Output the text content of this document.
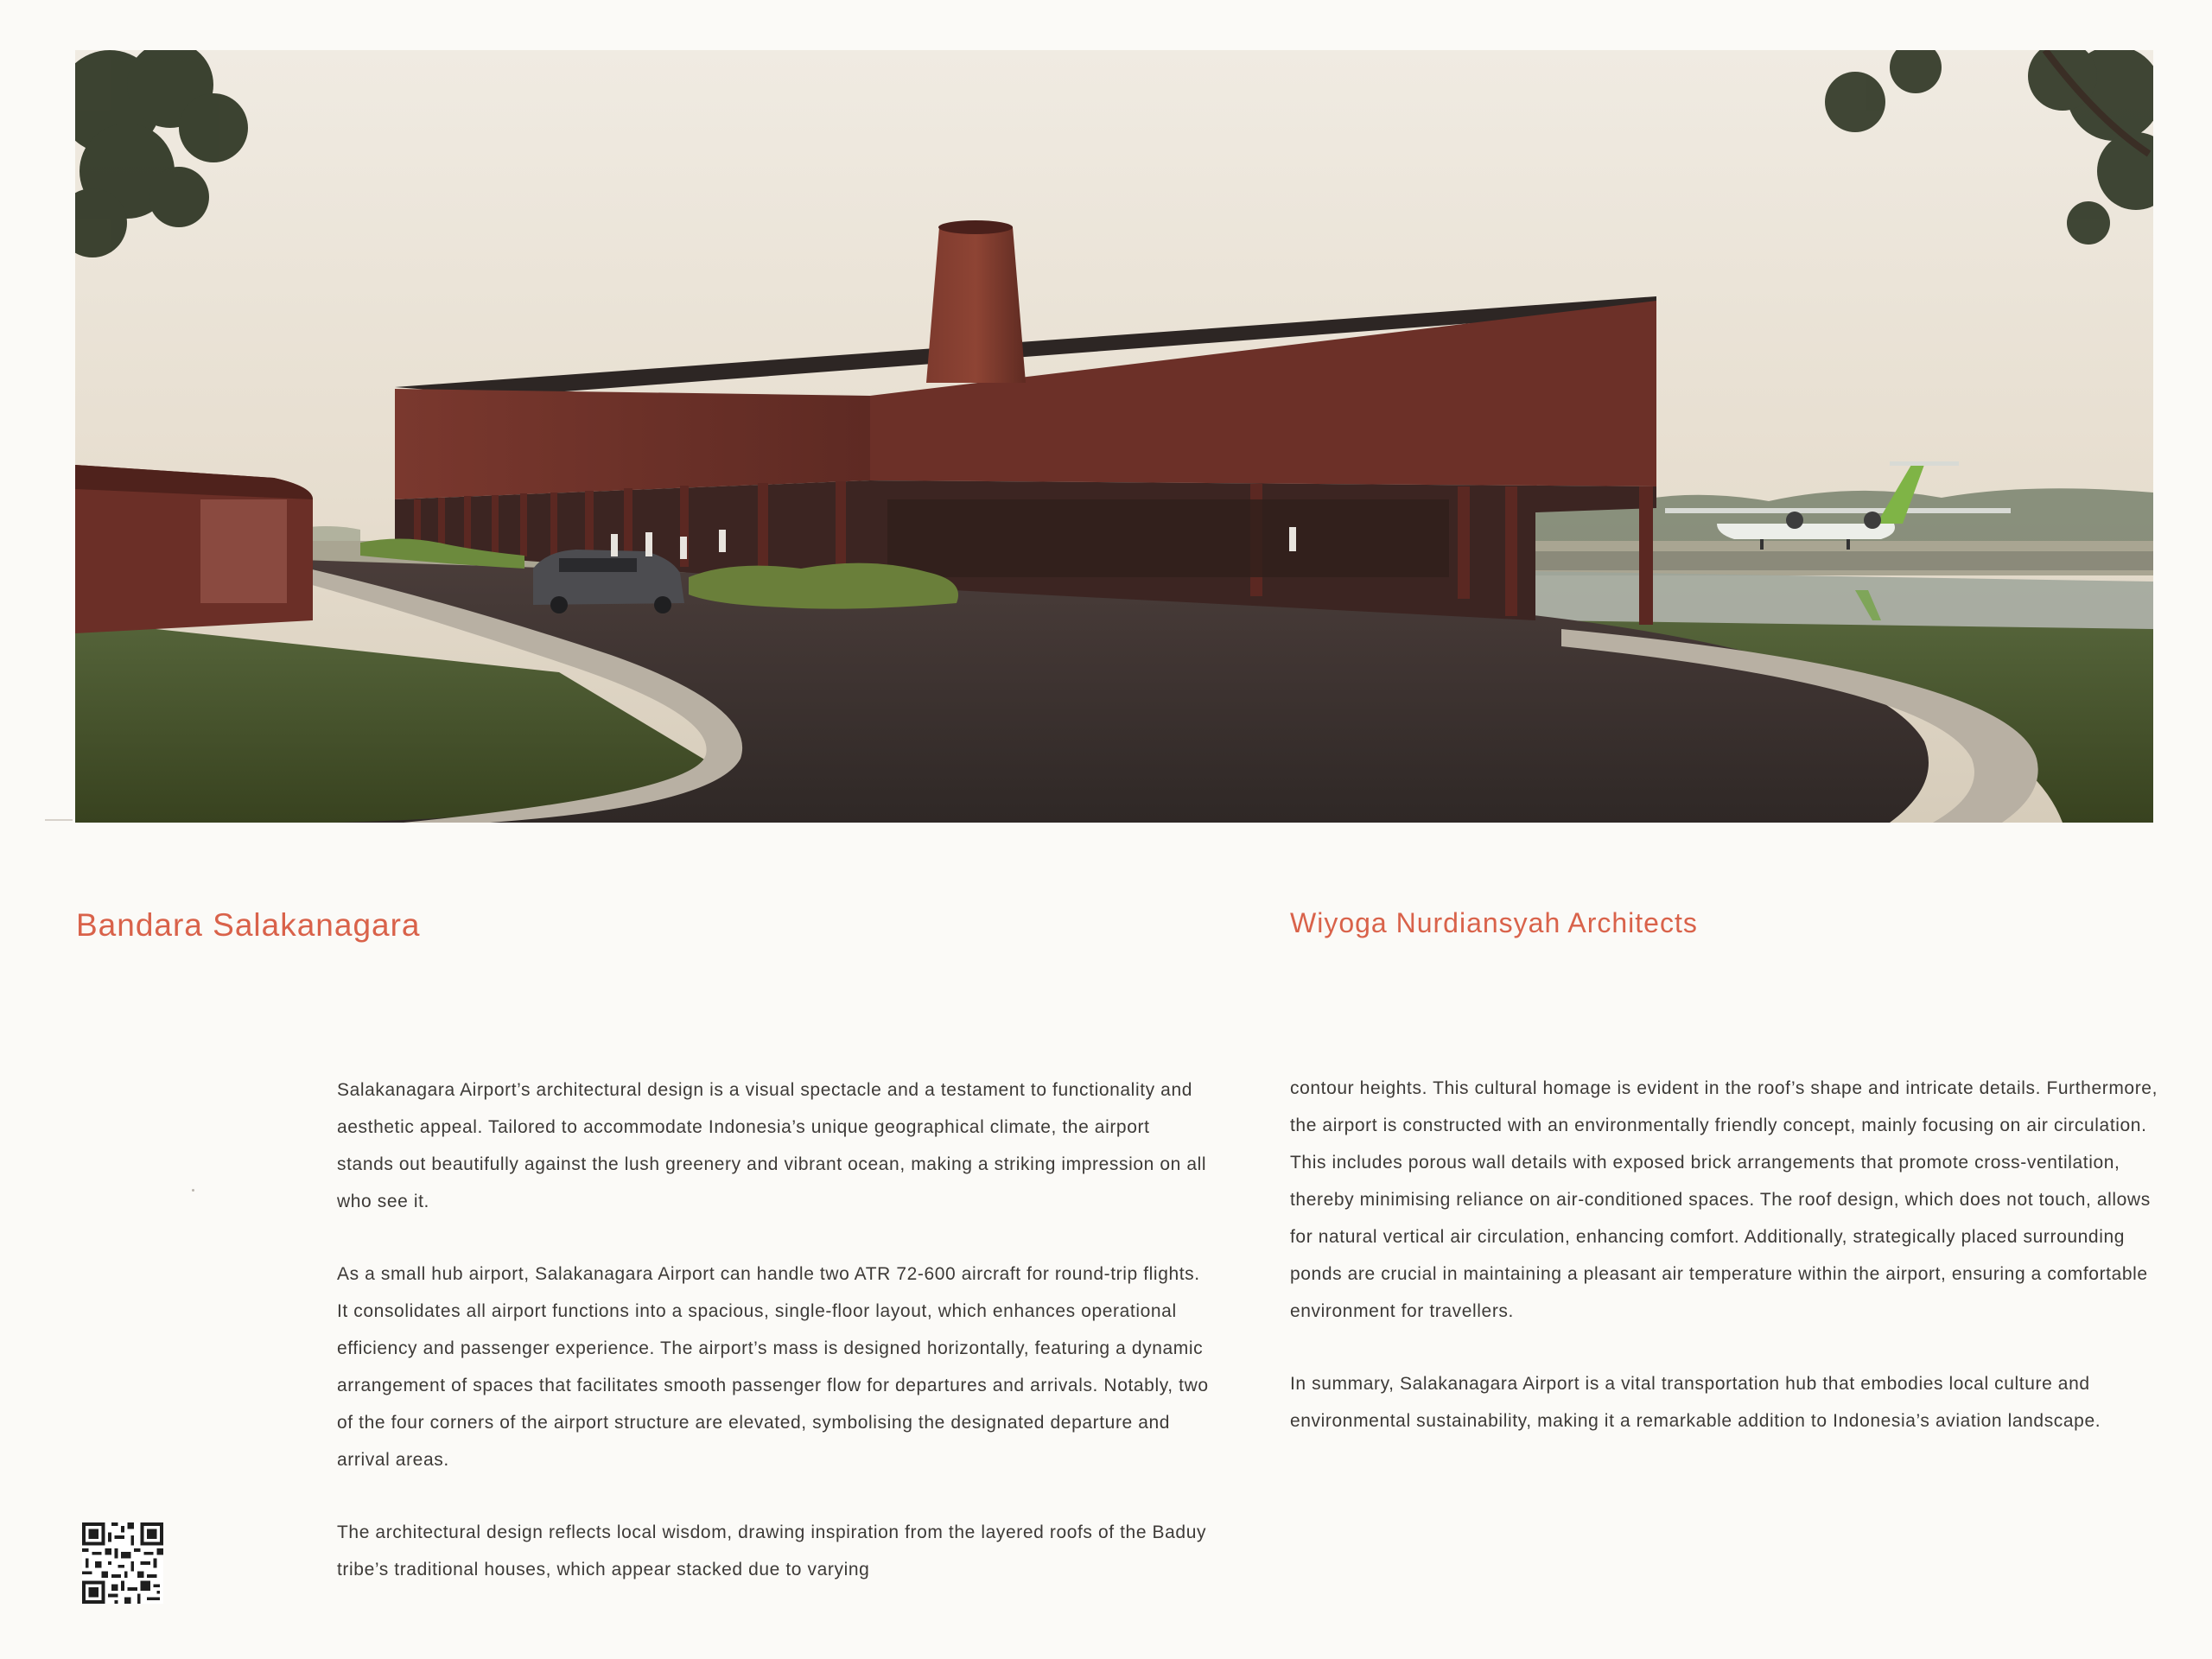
Bandara Salakanagara	Wiyoga Nurdiansyah Architects

Salakanagara Airport’s architectural design is a visual spectacle and a testament to functionality and aesthetic appeal. Tailored to accommodate Indonesia’s unique geographical climate, the airport stands out beautifully against the lush greenery and vibrant ocean, making a striking impression on all who see it.

As a small hub airport, Salakanagara Airport can handle two ATR 72-600 aircraft for round-trip flights. It consolidates all airport functions into a spacious, single-floor layout, which enhances operational efficiency and passenger experience. The airport’s mass is designed horizontally, featuring a dynamic arrangement of spaces that facilitates smooth passenger flow for departures and arrivals. Notably, two of the four corners of the airport structure are elevated, symbolising the designated departure and arrival areas.

The architectural design reflects local wisdom, drawing inspiration from the layered roofs of the Baduy tribe’s traditional houses, which appear stacked due to varying

contour heights. This cultural homage is evident in the roof’s shape and intricate details. Furthermore, the airport is constructed with an environmentally friendly concept, mainly focusing on air circulation. This includes porous wall details with exposed brick arrangements that promote cross-ventilation, thereby minimising reliance on air-conditioned spaces. The roof design, which does not touch, allows for natural vertical air circulation, enhancing comfort. Additionally, strategically placed surrounding ponds are crucial in maintaining a pleasant air temperature within the airport, ensuring a comfortable environment for travellers.

In summary, Salakanagara Airport is a vital transportation hub that embodies local culture and environmental sustainability, making it a remarkable addition to Indonesia’s aviation landscape.
